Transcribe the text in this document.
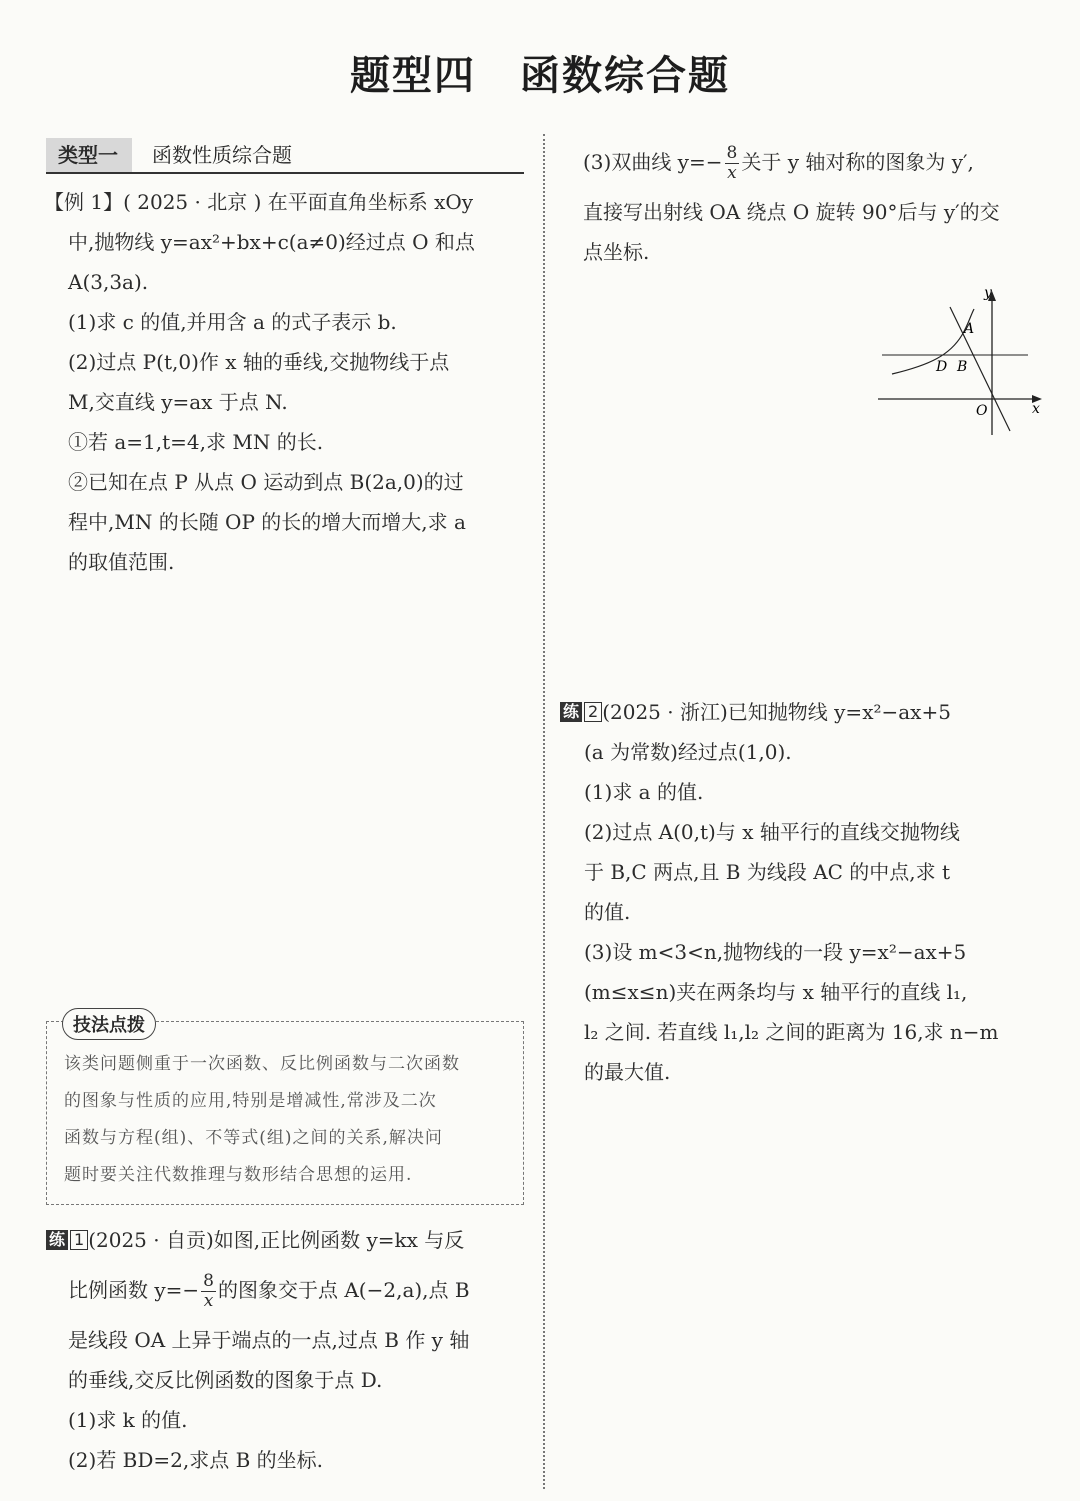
题型四 函数综合题
类型一	函数性质综合题
【例 1】( 2025 · 北京 ) 在平面直角坐标系 xOy
中,抛物线 y=ax²+bx+c(a≠0)经过点 O 和点
A(3,3a).
(1)求 c 的值,并用含 a 的式子表示 b.
(2)过点 P(t,0)作 x 轴的垂线,交抛物线于点
M,交直线 y=ax 于点 N.
①若 a=1,t=4,求 MN 的长.
②已知在点 P 从点 O 运动到点 B(2a,0)的过
程中,MN 的长随 OP 的长的增大而增大,求 a
的取值范围.
技法点拨
该类问题侧重于一次函数、反比例函数与二次函数
的图象与性质的应用,特别是增减性,常涉及二次
函数与方程(组)、不等式(组)之间的关系,解决问
题时要关注代数推理与数形结合思想的运用.
练 1 (2025 · 自贡)如图,正比例函数 y=kx 与反
比例函数 $y=- \frac{8}{x}$ 的图象交于点 A(−2,a),点 B
是线段 OA 上异于端点的一点,过点 B 作 y 轴
的垂线,交反比例函数的图象于点 D.
(1)求 k 的值.
(2)若 BD=2,求点 B 的坐标.
(3)双曲线 $y=- \frac{8}{x}$ 关于 y 轴对称的图象为 y′,
直接写出射线 OA 绕点 O 旋转 90°后与 y′的交
点坐标.
y
x
O
A
B
D
练 2 (2025 · 浙江)已知抛物线 y=x²−ax+5
(a 为常数)经过点(1,0).
(1)求 a 的值.
(2)过点 A(0,t)与 x 轴平行的直线交抛物线
于 B,C 两点,且 B 为线段 AC 的中点,求 t
的值.
(3)设 m<3<n,抛物线的一段 y=x²−ax+5
(m≤x≤n)夹在两条均与 x 轴平行的直线 l₁,
l₂ 之间. 若直线 l₁,l₂ 之间的距离为 16,求 n−m
的最大值.
